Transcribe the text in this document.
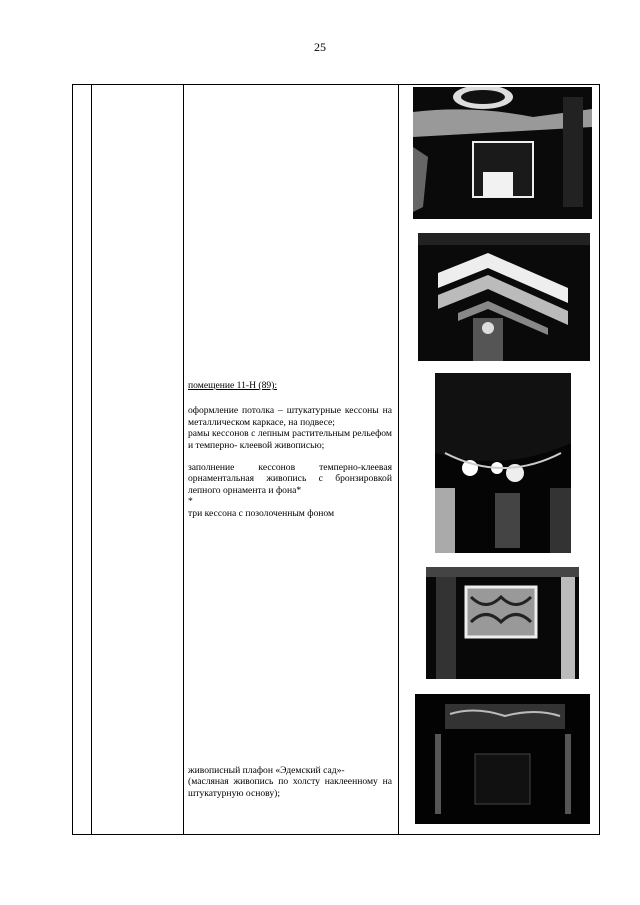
25

помещение 11-Н (89):

оформление потолка – штукатурные кессоны на металлическом каркасе, на подвесе;

рамы кессонов с лепным растительным рельефом и темперно- клеевой живописью;

заполнение кессонов темперно-клеевая орнаментальная живопись с бронзировкой лепного орнамента и фона*

*

три кессона с позолоченным фоном

живописный плафон «Эдемский сад»-

(масляная живопись по холсту наклеенному на штукатурную основу);
